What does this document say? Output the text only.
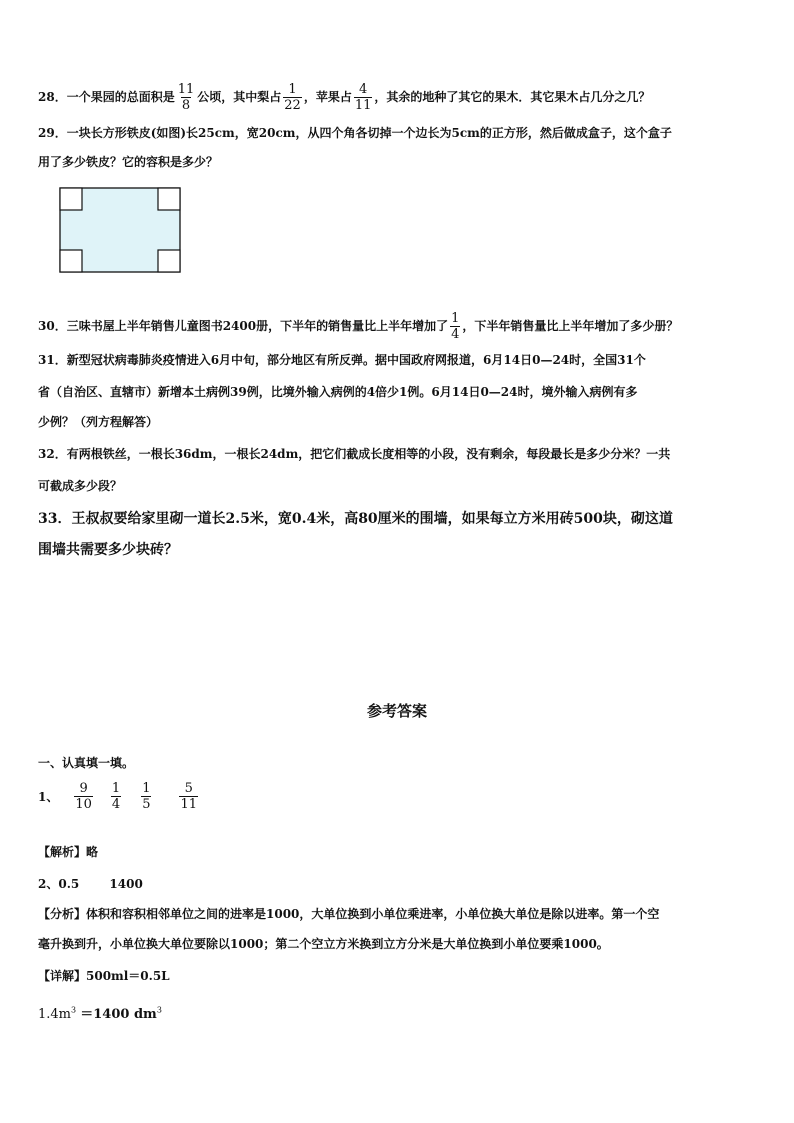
28．一个果园的总面积是 $\frac{11}{8}$ 公顷，其中梨占 $\frac{1}{22}$ ，苹果占 $\frac{4}{11}$ ，其余的地种了其它的果木．其它果木占几分之几？
29．一块长方形铁皮(如图)长25cm，宽20cm，从四个角各切掉一个边长为5cm的正方形，然后做成盒子，这个盒子
用了多少铁皮？它的容积是多少？
30．三味书屋上半年销售儿童图书2400册，下半年的销售量比上半年增加了 $\frac{1}{4}$ ，下半年销售量比上半年增加了多少册？
31．新型冠状病毒肺炎疫情进入6月中旬，部分地区有所反弹。据中国政府网报道，6月14日0—24时，全国31个
省（自治区、直辖市）新增本土病例39例，比境外输入病例的4倍少1例。6月14日0—24时，境外输入病例有多
少例？（列方程解答）
32．有两根铁丝，一根长36dm，一根长24dm，把它们截成长度相等的小段，没有剩余，每段最长是多少分米？一共
可截成多少段？
33．王叔叔要给家里砌一道长2.5米，宽0.4米，高80厘米的围墙，如果每立方米用砖500块，砌这道
围墙共需要多少块砖？
参考答案
一、认真填一填。
1、 $\frac{9}{10} \frac{1}{4} \frac{1}{5} \frac{5}{11}$
【解析】略
2、0.5	1400
【分析】体积和容积相邻单位之间的进率是1000，大单位换到小单位乘进率，小单位换大单位是除以进率。第一个空
毫升换到升，小单位换大单位要除以1000；第二个空立方米换到立方分米是大单位换到小单位要乘1000。
【详解】500ml＝0.5L
$1.4m^3 =1400$ $dm^3$
